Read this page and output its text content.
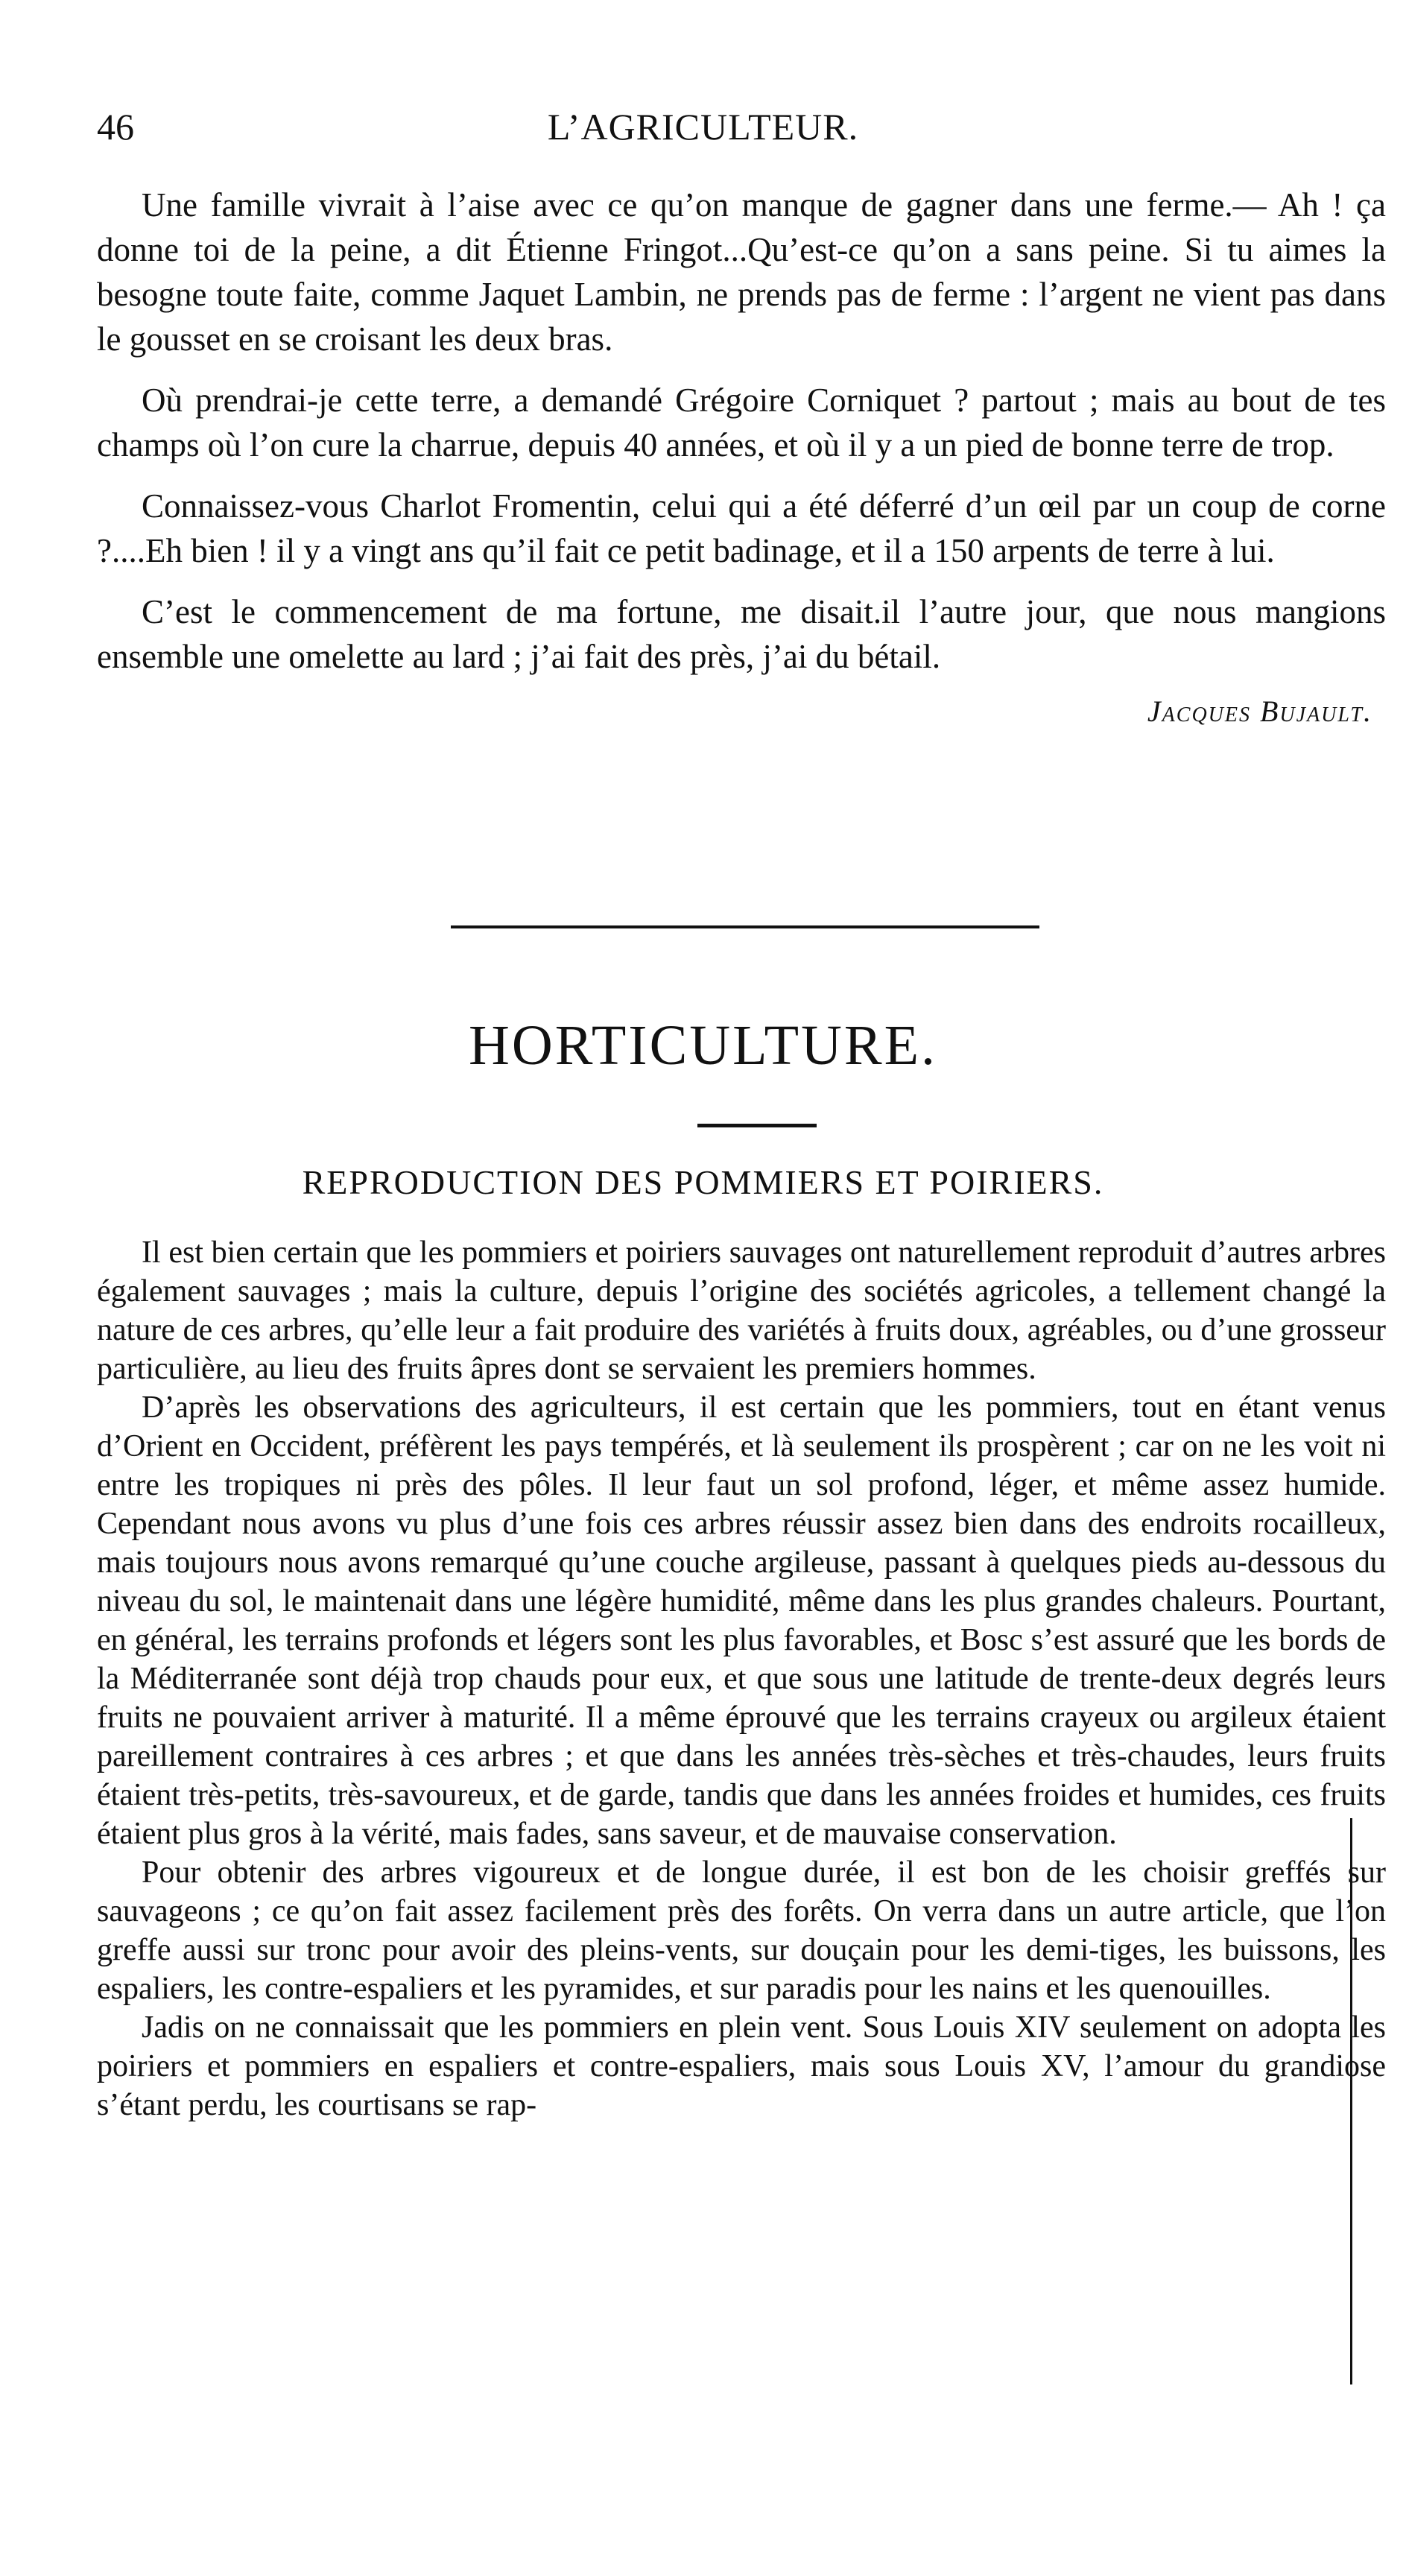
46	L’AGRICULTEUR.

Une famille vivrait à l’aise avec ce qu’on manque de gagner dans une ferme.— Ah ! ça donne toi de la peine, a dit Étienne Fringot...Qu’est-ce qu’on a sans peine. Si tu aimes la besogne toute faite, comme Jaquet Lambin, ne prends pas de ferme : l’argent ne vient pas dans le gousset en se croisant les deux bras.

Où prendrai-je cette terre, a demandé Grégoire Corniquet ? partout ; mais au bout de tes champs où l’on cure la charrue, depuis 40 années, et où il y a un pied de bonne terre de trop.

Connaissez-vous Charlot Fromentin, celui qui a été déferré d’un œil par un coup de corne ?....Eh bien ! il y a vingt ans qu’il fait ce petit badinage, et il a 150 arpents de terre à lui.

C’est le commencement de ma fortune, me disait.il l’autre jour, que nous mangions ensemble une omelette au lard ; j’ai fait des près, j’ai du bétail.

Jacques Bujault.
HORTICULTURE.
REPRODUCTION DES POMMIERS ET POIRIERS.

Il est bien certain que les pommiers et poiriers sauvages ont naturellement reproduit d’autres arbres également sauvages ; mais la culture, depuis l’origine des sociétés agricoles, a tellement changé la nature de ces arbres, qu’elle leur a fait produire des variétés à fruits doux, agréables, ou d’une grosseur particulière, au lieu des fruits âpres dont se servaient les premiers hommes.

D’après les observations des agriculteurs, il est certain que les pommiers, tout en étant venus d’Orient en Occident, préfèrent les pays tempérés, et là seulement ils prospèrent ; car on ne les voit ni entre les tropiques ni près des pôles. Il leur faut un sol profond, léger, et même assez humide. Cependant nous avons vu plus d’une fois ces arbres réussir assez bien dans des endroits rocailleux, mais toujours nous avons remarqué qu’une couche argileuse, passant à quelques pieds au-dessous du niveau du sol, le maintenait dans une légère humidité, même dans les plus grandes chaleurs. Pourtant, en général, les terrains profonds et légers sont les plus favorables, et Bosc s’est assuré que les bords de la Méditerranée sont déjà trop chauds pour eux, et que sous une latitude de trente-deux degrés leurs fruits ne pouvaient arriver à maturité. Il a même éprouvé que les terrains crayeux ou argileux étaient pareillement contraires à ces arbres ; et que dans les années très-sèches et très-chaudes, leurs fruits étaient très-petits, très-savoureux, et de garde, tandis que dans les années froides et humides, ces fruits étaient plus gros à la vérité, mais fades, sans saveur, et de mauvaise conservation.

Pour obtenir des arbres vigoureux et de longue durée, il est bon de les choisir greffés sur sauvageons ; ce qu’on fait assez facilement près des forêts. On verra dans un autre article, que l’on greffe aussi sur tronc pour avoir des pleins-vents, sur douçain pour les demi-tiges, les buissons, les espaliers, les contre-espaliers et les pyramides, et sur paradis pour les nains et les quenouilles.

Jadis on ne connaissait que les pommiers en plein vent. Sous Louis XIV seulement on adopta les poiriers et pommiers en espaliers et contre-espaliers, mais sous Louis XV, l’amour du grandiose s’étant perdu, les courtisans se rap-
